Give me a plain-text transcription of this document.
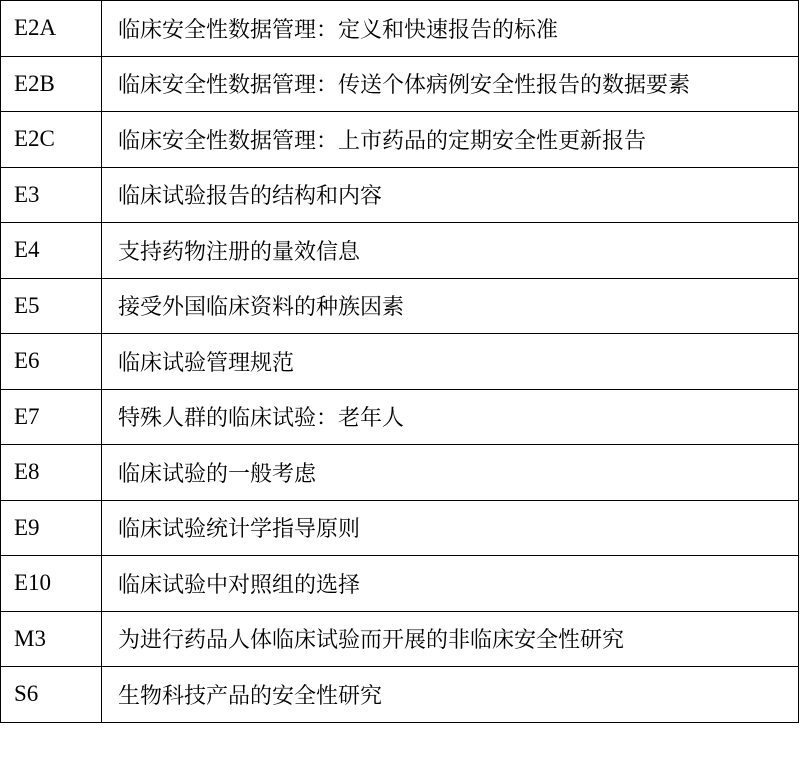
E2A	临床安全性数据管理：定义和快速报告的标准
E2B	临床安全性数据管理：传送个体病例安全性报告的数据要素
E2C	临床安全性数据管理：上市药品的定期安全性更新报告
E3	临床试验报告的结构和内容
E4	支持药物注册的量效信息
E5	接受外国临床资料的种族因素
E6	临床试验管理规范
E7	特殊人群的临床试验：老年人
E8	临床试验的一般考虑
E9	临床试验统计学指导原则
E10	临床试验中对照组的选择
M3	为进行药品人体临床试验而开展的非临床安全性研究
S6	生物科技产品的安全性研究
